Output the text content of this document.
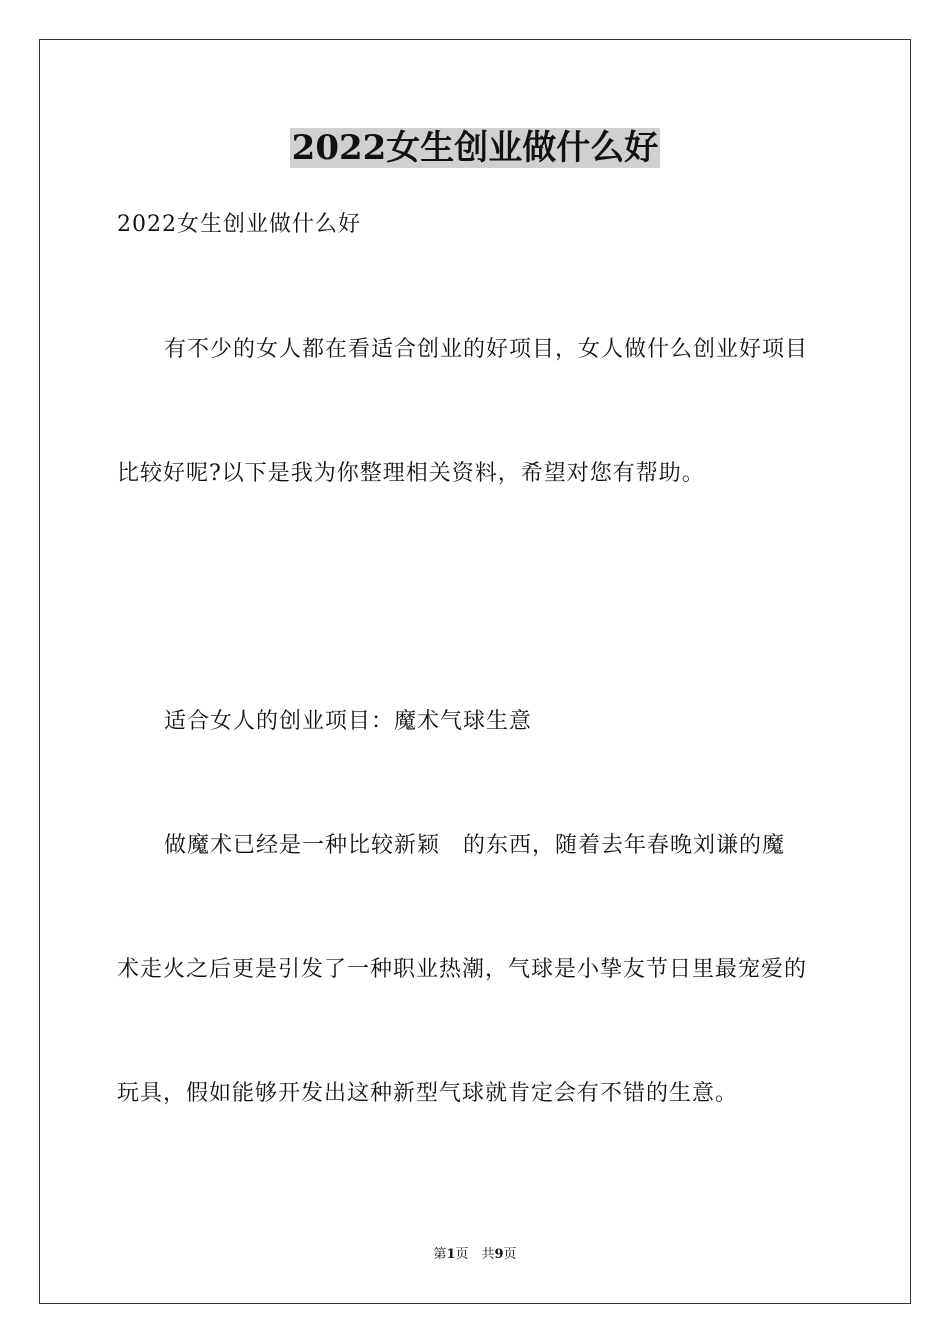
2022女生创业做什么好
2022女生创业做什么好
有不少的女人都在看适合创业的好项目，女人做什么创业好项目
比较好呢?以下是我为你整理相关资料，希望对您有帮助。
适合女人的创业项目：魔术气球生意
做魔术已经是一种比较新颖　的东西，随着去年春晚刘谦的魔
术走火之后更是引发了一种职业热潮，气球是小挚友节日里最宠爱的
玩具，假如能够开发出这种新型气球就肯定会有不错的生意。
第1页　共9页
